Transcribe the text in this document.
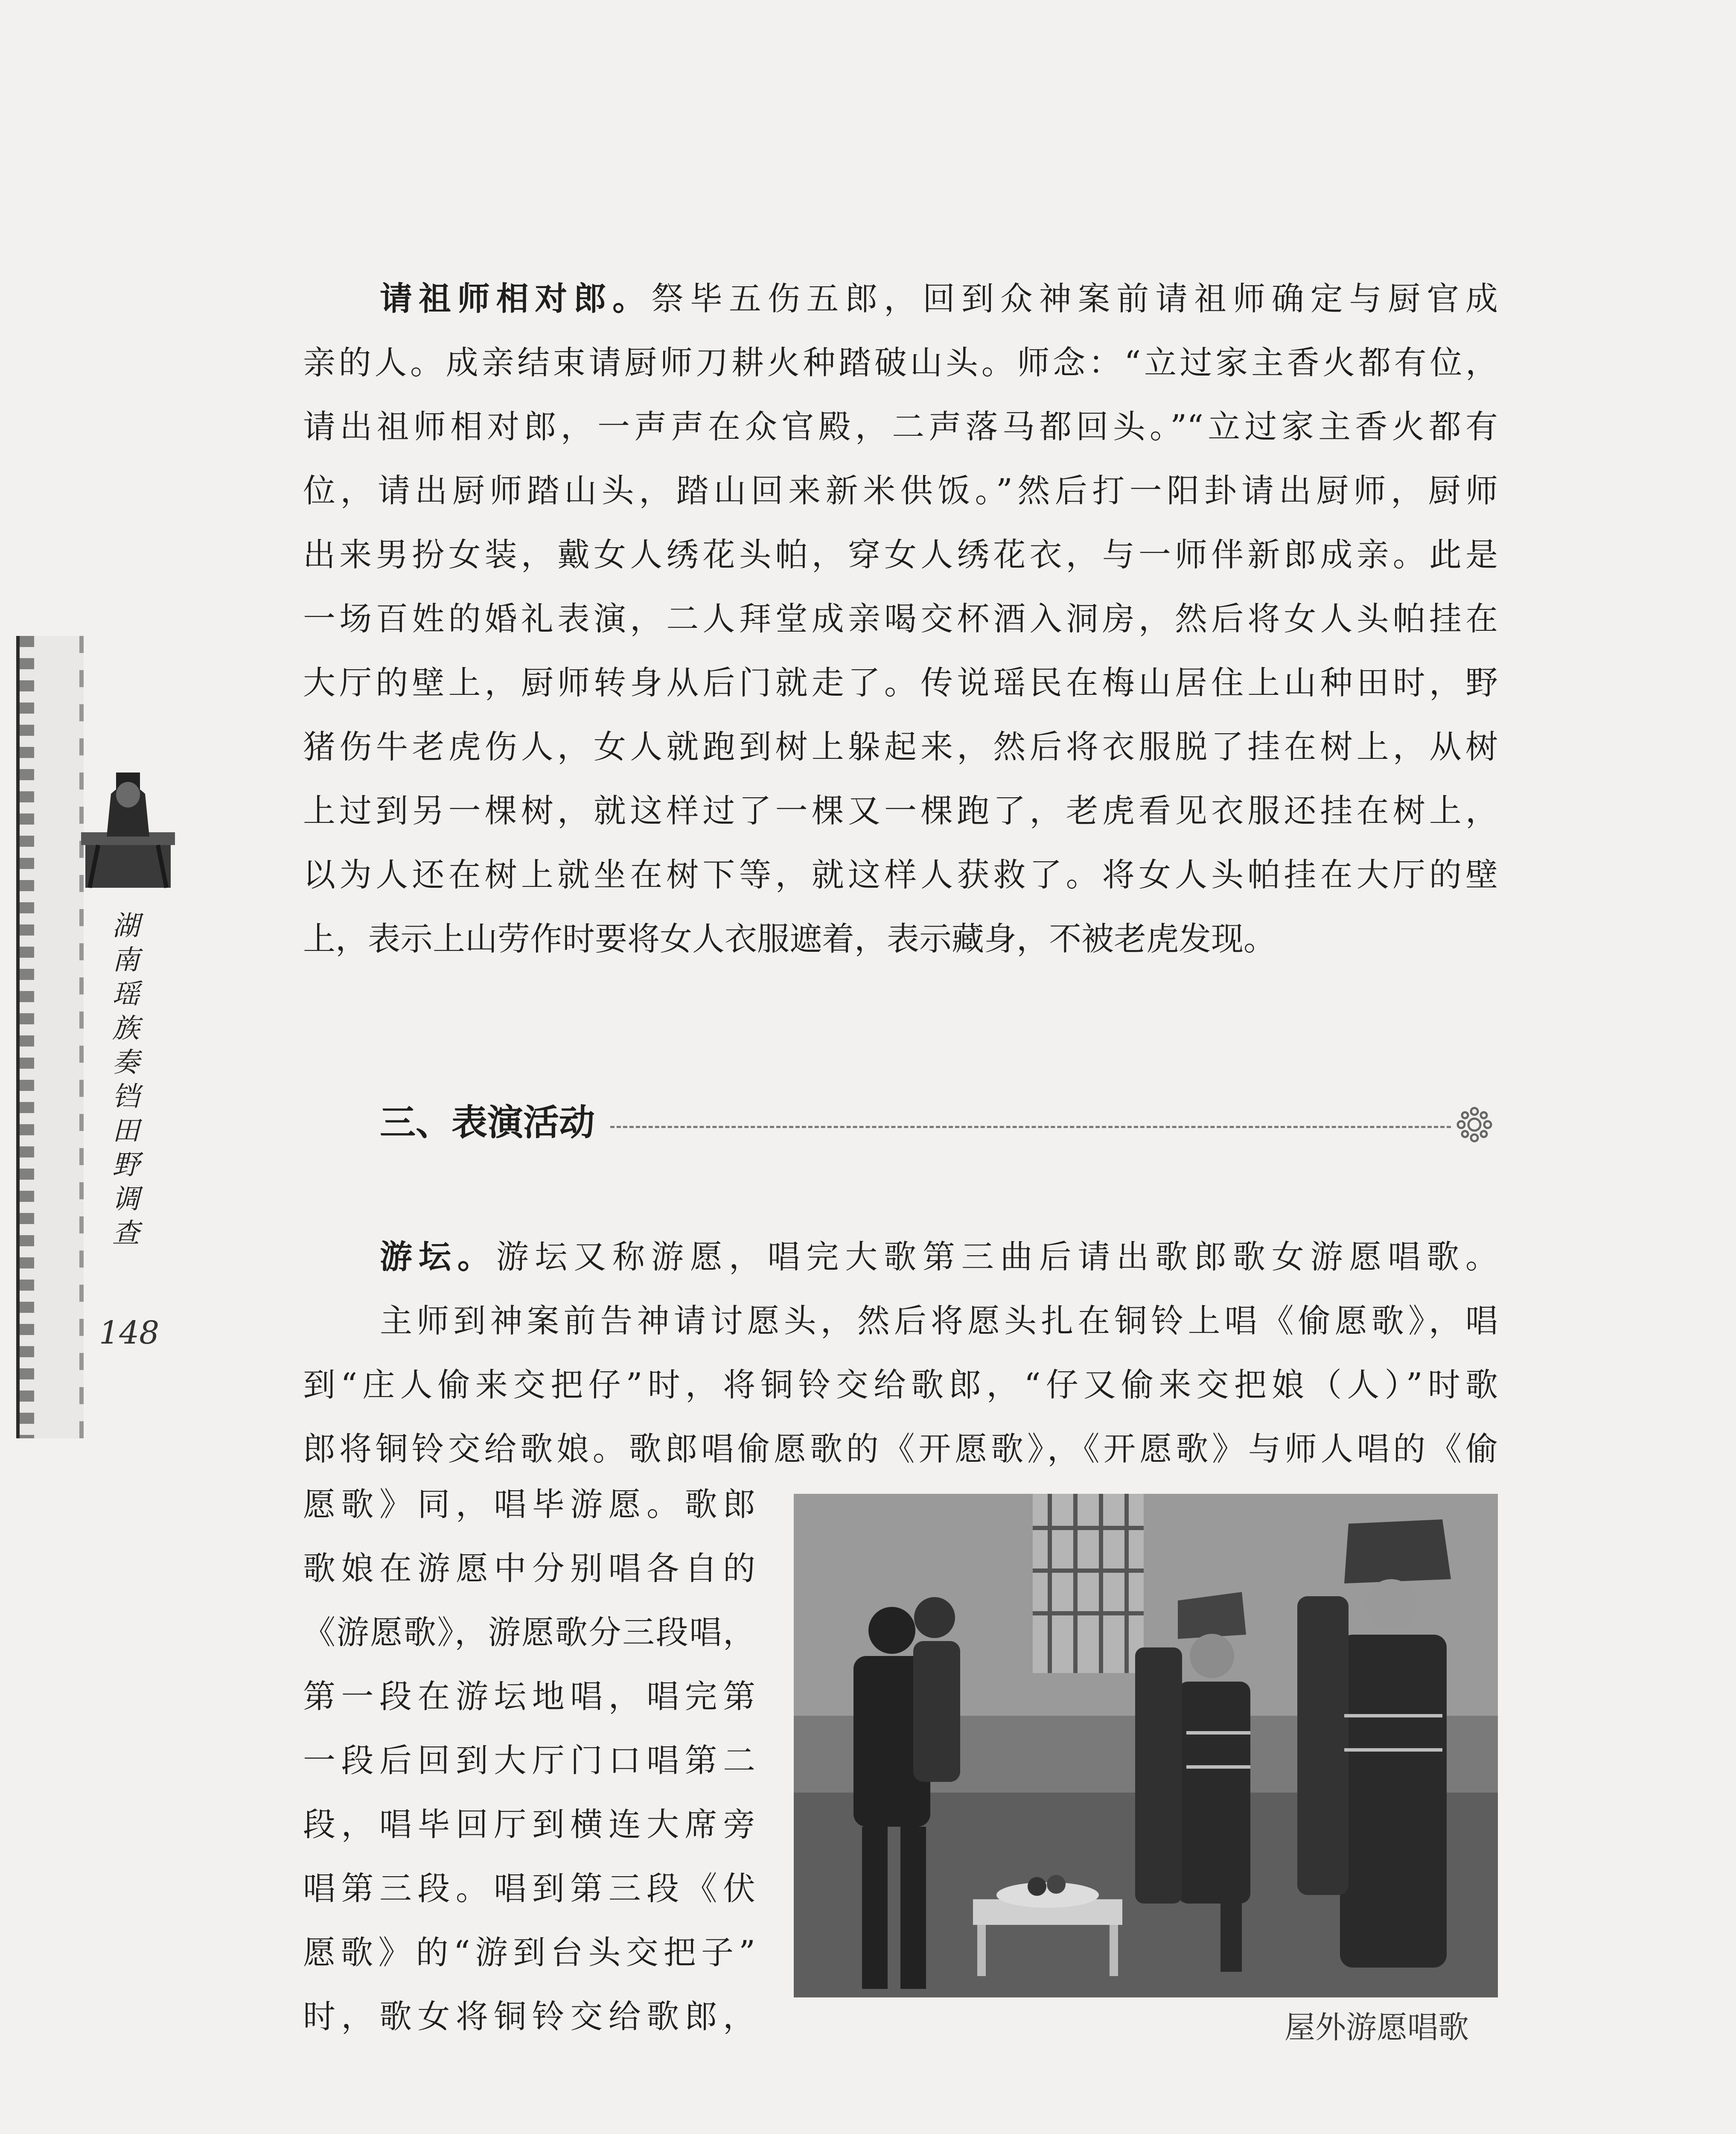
湖南瑶族奏铛田野调查
148
请祖师相对郎。祭毕五伤五郎，回到众神案前请祖师确定与厨官成
亲的人。成亲结束请厨师刀耕火种踏破山头。师念：“立过家主香火都有位，
请出祖师相对郎，一声声在众官殿，二声落马都回头。”“立过家主香火都有
位，请出厨师踏山头，踏山回来新米供饭。”然后打一阳卦请出厨师，厨师
出来男扮女装，戴女人绣花头帕，穿女人绣花衣，与一师伴新郎成亲。此是
一场百姓的婚礼表演，二人拜堂成亲喝交杯酒入洞房，然后将女人头帕挂在
大厅的壁上，厨师转身从后门就走了。传说瑶民在梅山居住上山种田时，野
猪伤牛老虎伤人，女人就跑到树上躲起来，然后将衣服脱了挂在树上，从树
上过到另一棵树，就这样过了一棵又一棵跑了，老虎看见衣服还挂在树上，
以为人还在树上就坐在树下等，就这样人获救了。将女人头帕挂在大厅的壁
上，表示上山劳作时要将女人衣服遮着，表示藏身，不被老虎发现。
三、表演活动
游坛。游坛又称游愿，唱完大歌第三曲后请出歌郎歌女游愿唱歌。
主师到神案前告神请讨愿头，然后将愿头扎在铜铃上唱《偷愿歌》，唱
到“庄人偷来交把仔”时，将铜铃交给歌郎，“仔又偷来交把娘（人）”时歌
郎将铜铃交给歌娘。歌郎唱偷愿歌的《开愿歌》，《开愿歌》与师人唱的《偷
愿歌》同，唱毕游愿。歌郎
歌娘在游愿中分别唱各自的
《游愿歌》，游愿歌分三段唱，
第一段在游坛地唱，唱完第
一段后回到大厅门口唱第二
段，唱毕回厅到横连大席旁
唱第三段。唱到第三段《伏
愿歌》的“游到台头交把子”
时，歌女将铜铃交给歌郎，	屋外游愿唱歌
